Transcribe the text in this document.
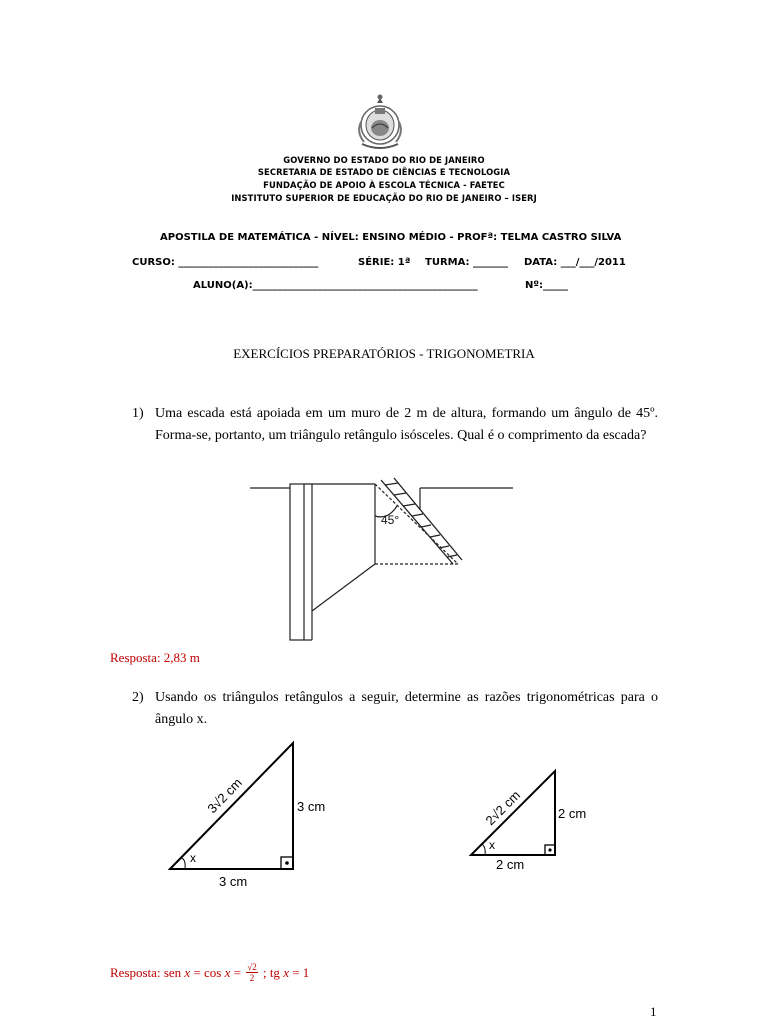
GOVERNO DO ESTADO DO RIO DE JANEIRO
SECRETARIA DE ESTADO DE CIÊNCIAS E TECNOLOGIA
FUNDAÇÃO DE APOIO À ESCOLA TÉCNICA - FAETEC
INSTITUTO SUPERIOR DE EDUCAÇÃO DO RIO DE JANEIRO – ISERJ
APOSTILA DE MATEMÁTICA - NÍVEL: ENSINO MÉDIO - PROFª: TELMA CASTRO SILVA
CURSO: ____________________________	SÉRIE: 1ª TURMA: _______ DATA: ___/___/2011
ALUNO(A):_____________________________________________	Nº:_____
EXERCÍCIOS PREPARATÓRIOS - TRIGONOMETRIA
1) Uma escada está apoiada em um muro de 2 m de altura, formando um ângulo de 45º. Forma-se, portanto, um triângulo retângulo isósceles. Qual é o comprimento da escada?
45°
Resposta: 2,83 m
2) Usando os triângulos retângulos a seguir, determine as razões trigonométricas para o ângulo x.
x
3 cm
3 cm
3√2 cm
x
2 cm
2 cm
2√2 cm
Resposta: sen
x = cos
$x = \frac{√2}{2}$ ; tg
x = 1
1
